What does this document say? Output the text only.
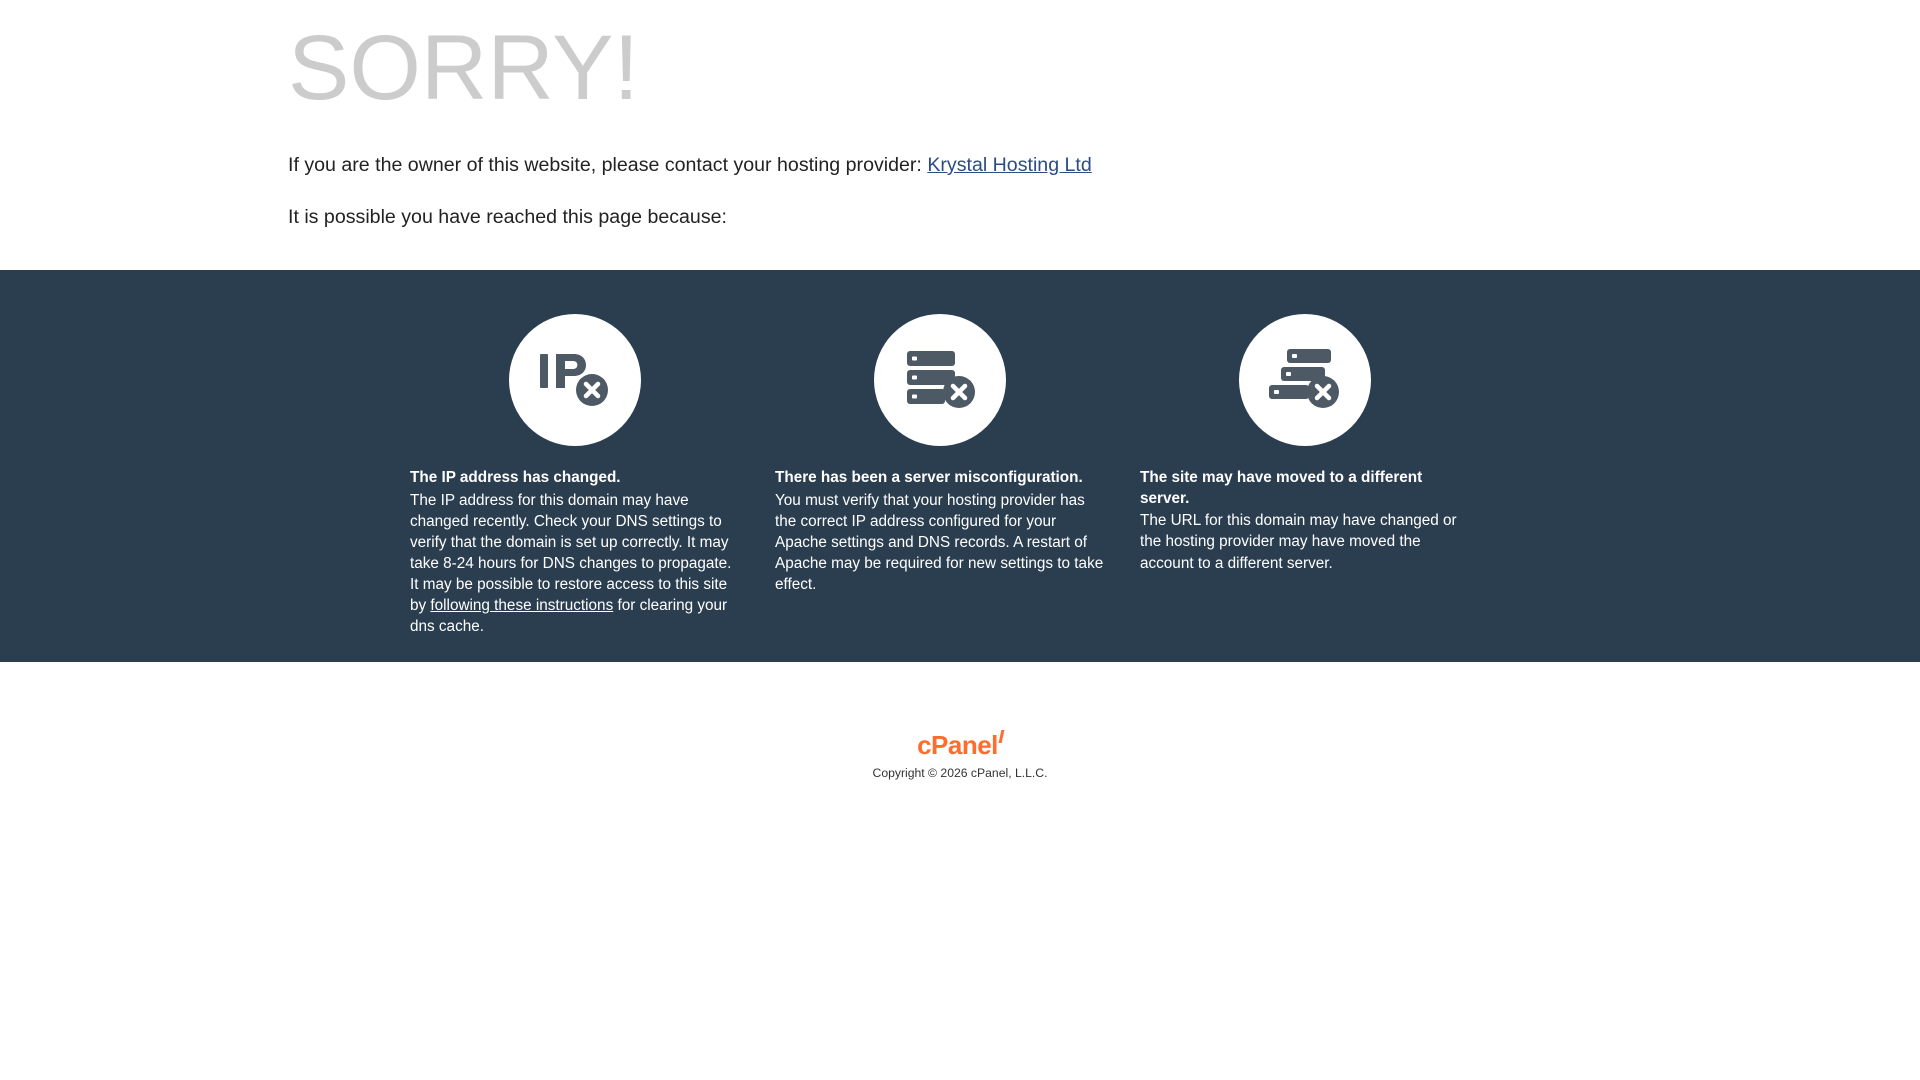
SORRY!

If you are the owner of this website, please contact your hosting provider: Krystal Hosting Ltd

It is possible you have reached this page because:

The IP address has changed.

The IP address for this domain may have changed recently. Check your DNS settings to verify that the domain is set up correctly. It may take 8-24 hours for DNS changes to propagate. It may be possible to restore access to this site by following these instructions for clearing your dns cache.

There has been a server misconfiguration.

You must verify that your hosting provider has the correct IP address configured for your Apache settings and DNS records. A restart of Apache may be required for new settings to take effect.

The site may have moved to a different server.

The URL for this domain may have changed or the hosting provider may have moved the account to a different server.

cPanel

Copyright © 2026 cPanel, L.L.C.
